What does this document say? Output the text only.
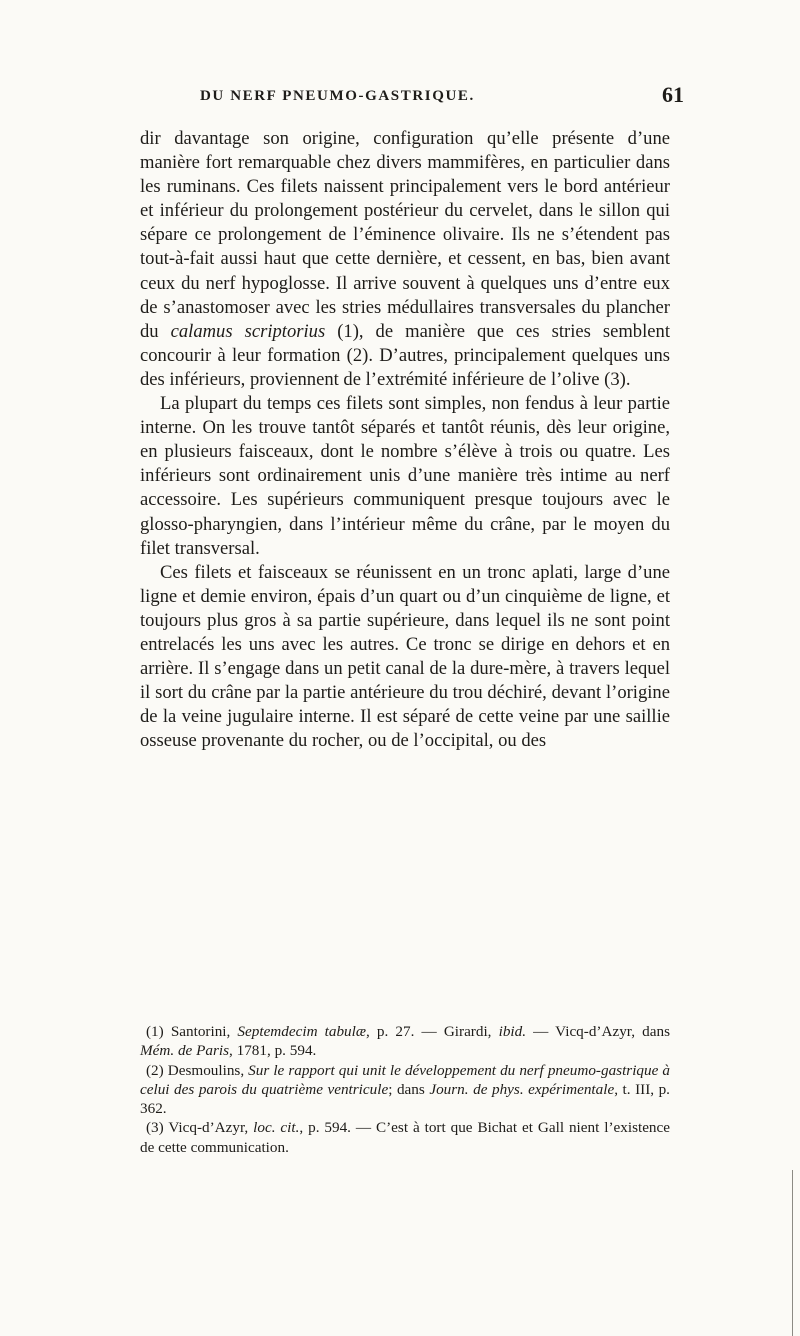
DU NERF PNEUMO-GASTRIQUE.	61

dir davantage son origine, configuration qu’elle présente d’une manière fort remarquable chez divers mammifères, en particulier dans les ruminans. Ces filets naissent principalement vers le bord antérieur et inférieur du prolongement postérieur du cervelet, dans le sillon qui sépare ce prolongement de l’éminence olivaire. Ils ne s’étendent pas tout-à-fait aussi haut que cette dernière, et cessent, en bas, bien avant ceux du nerf hypoglosse. Il arrive souvent à quelques uns d’entre eux de s’anastomoser avec les stries médullaires transversales du plancher du calamus scriptorius (1), de manière que ces stries semblent concourir à leur formation (2). D’autres, principalement quelques uns des inférieurs, proviennent de l’extrémité inférieure de l’olive (3).

La plupart du temps ces filets sont simples, non fendus à leur partie interne. On les trouve tantôt séparés et tantôt réunis, dès leur origine, en plusieurs faisceaux, dont le nombre s’élève à trois ou quatre. Les inférieurs sont ordinairement unis d’une manière très intime au nerf accessoire. Les supérieurs communiquent presque toujours avec le glosso-pharyngien, dans l’intérieur même du crâne, par le moyen du filet transversal.

Ces filets et faisceaux se réunissent en un tronc aplati, large d’une ligne et demie environ, épais d’un quart ou d’un cinquième de ligne, et toujours plus gros à sa partie supérieure, dans lequel ils ne sont point entrelacés les uns avec les autres. Ce tronc se dirige en dehors et en arrière. Il s’engage dans un petit canal de la dure-mère, à travers lequel il sort du crâne par la partie antérieure du trou déchiré, devant l’origine de la veine jugulaire interne. Il est séparé de cette veine par une saillie osseuse provenante du rocher, ou de l’occipital, ou des

(1) Santorini, Septemdecim tabulæ, p. 27. — Girardi, ibid. — Vicq-d’Azyr, dans Mém. de Paris, 1781, p. 594.

(2) Desmoulins, Sur le rapport qui unit le développement du nerf pneumo-gastrique à celui des parois du quatrième ventricule; dans Journ. de phys. expérimentale, t. III, p. 362.

(3) Vicq-d’Azyr, loc. cit., p. 594. — C’est à tort que Bichat et Gall nient l’existence de cette communication.
